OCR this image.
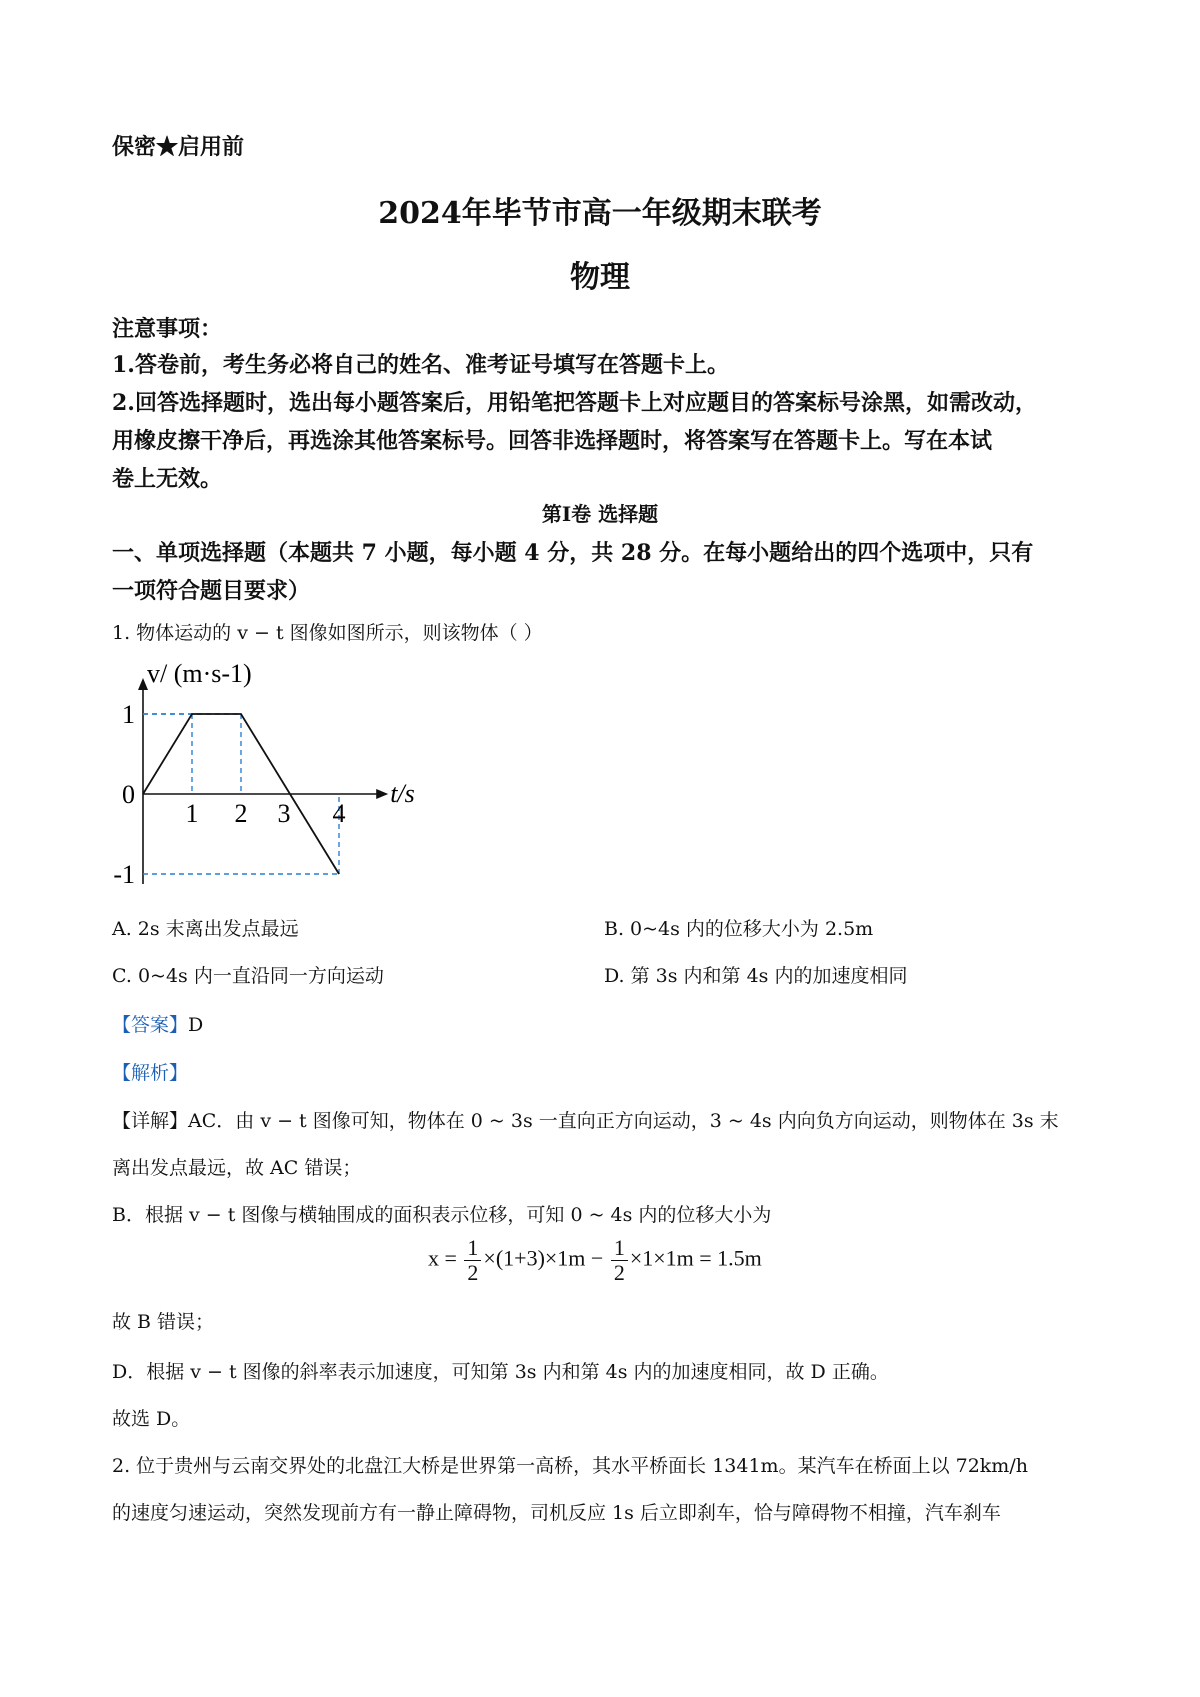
保密★启用前
2024年毕节市高一年级期末联考
物理
注意事项：
1.答卷前，考生务必将自己的姓名、准考证号填写在答题卡上。
2.回答选择题时，选出每小题答案后，用铅笔把答题卡上对应题目的答案标号涂黑，如需改动，
用橡皮擦干净后，再选涂其他答案标号。回答非选择题时，将答案写在答题卡上。写在本试
卷上无效。
第Ⅰ卷 选择题
一、单项选择题（本题共 7 小题，每小题 4 分，共 28 分。在每小题给出的四个选项中，只有
一项符合题目要求）
1. 物体运动的 v − t 图像如图所示，则该物体（ ）
1 2 3 4
1
0
-1
t/s
v/ (m·s-1)
A. 2s 末离出发点最远	B. 0~4s 内的位移大小为 2.5m
C. 0~4s 内一直沿同一方向运动	D. 第 3s 内和第 4s 内的加速度相同
【答案】D
【解析】
【详解】AC．由 v − t 图像可知，物体在 0 ~ 3s 一直向正方向运动，3 ~ 4s 内向负方向运动，则物体在 3s 末
离出发点最远，故 AC 错误；
B．根据 v − t 图像与横轴围成的面积表示位移，可知 0 ~ 4s 内的位移大小为
$x = \frac{1}{2} \times(1+3)\times 1m - \frac{1}{2} \times 1\times 1m = 1.5m$
故 B 错误；
D．根据 v − t 图像的斜率表示加速度，可知第 3s 内和第 4s 内的加速度相同，故 D 正确。
故选 D。
2. 位于贵州与云南交界处的北盘江大桥是世界第一高桥，其水平桥面长 1341m。某汽车在桥面上以 72km/h
的速度匀速运动，突然发现前方有一静止障碍物，司机反应 1s 后立即刹车，恰与障碍物不相撞，汽车刹车
